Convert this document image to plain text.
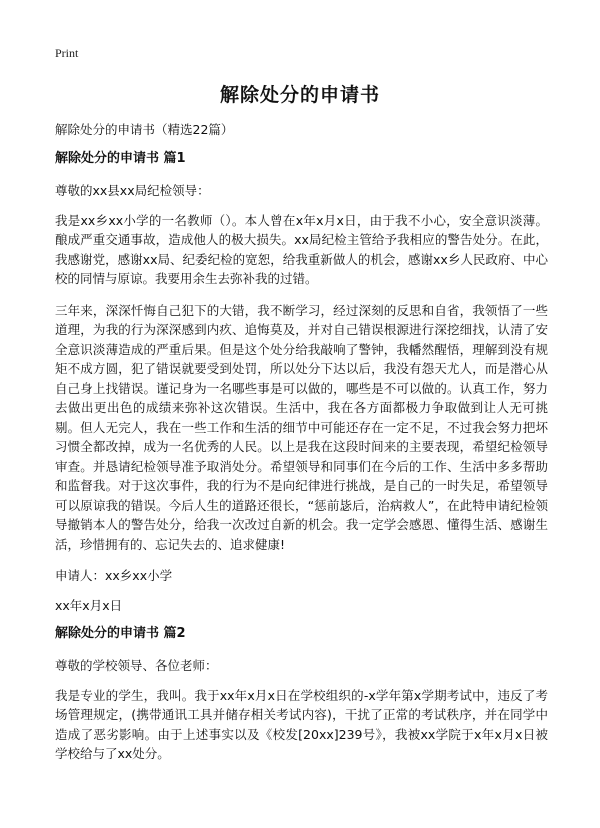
Print
解除处分的申请书

解除处分的申请书（精选22篇）

解除处分的申请书 篇1

尊敬的xx县xx局纪检领导：

我是xx乡xx小学的一名教师（）。本人曾在x年x月x日，由于我不小心，安全意识淡薄。酿成严重交通事故，造成他人的极大损失。xx局纪检主管给予我相应的警告处分。在此，我感谢党，感谢xx局、纪委纪检的宽恕，给我重新做人的机会，感谢xx乡人民政府、中心校的同情与原谅。我要用余生去弥补我的过错。

三年来，深深忏悔自己犯下的大错，我不断学习，经过深刻的反思和自省，我领悟了一些道理，为我的行为深深感到内疚、追悔莫及，并对自己错误根源进行深挖细找，认清了安全意识淡薄造成的严重后果。但是这个处分给我敲响了警钟，我幡然醒悟，理解到没有规矩不成方圆，犯了错误就要受到处罚，所以处分下达以后，我没有怨天尤人，而是潜心从自己身上找错误。谨记身为一名哪些事是可以做的，哪些是不可以做的。认真工作，努力去做出更出色的成绩来弥补这次错误。生活中，我在各方面都极力争取做到让人无可挑剔。但人无完人，我在一些工作和生活的细节中可能还存在一定不足，不过我会努力把坏习惯全都改掉，成为一名优秀的人民。以上是我在这段时间来的主要表现，希望纪检领导审查。并恳请纪检领导准予取消处分。希望领导和同事们在今后的工作、生活中多多帮助和监督我。对于这次事件，我的行为不是向纪律进行挑战，是自己的一时失足，希望领导可以原谅我的错误。今后人生的道路还很长，“惩前毖后，治病救人”，在此特申请纪检领导撤销本人的警告处分，给我一次改过自新的机会。我一定学会感恩、懂得生活、感谢生活，珍惜拥有的、忘记失去的、追求健康!

申请人：xx乡xx小学

xx年x月x日

解除处分的申请书 篇2

尊敬的学校领导、各位老师：

我是专业的学生，我叫。我于xx年x月x日在学校组织的-x学年第x学期考试中，违反了考场管理规定，(携带通讯工具并储存相关考试内容)，干扰了正常的考试秩序，并在同学中造成了恶劣影响。由于上述事实以及《校发[20xx]239号》，我被xx学院于x年x月x日被学校给与了xx处分。
